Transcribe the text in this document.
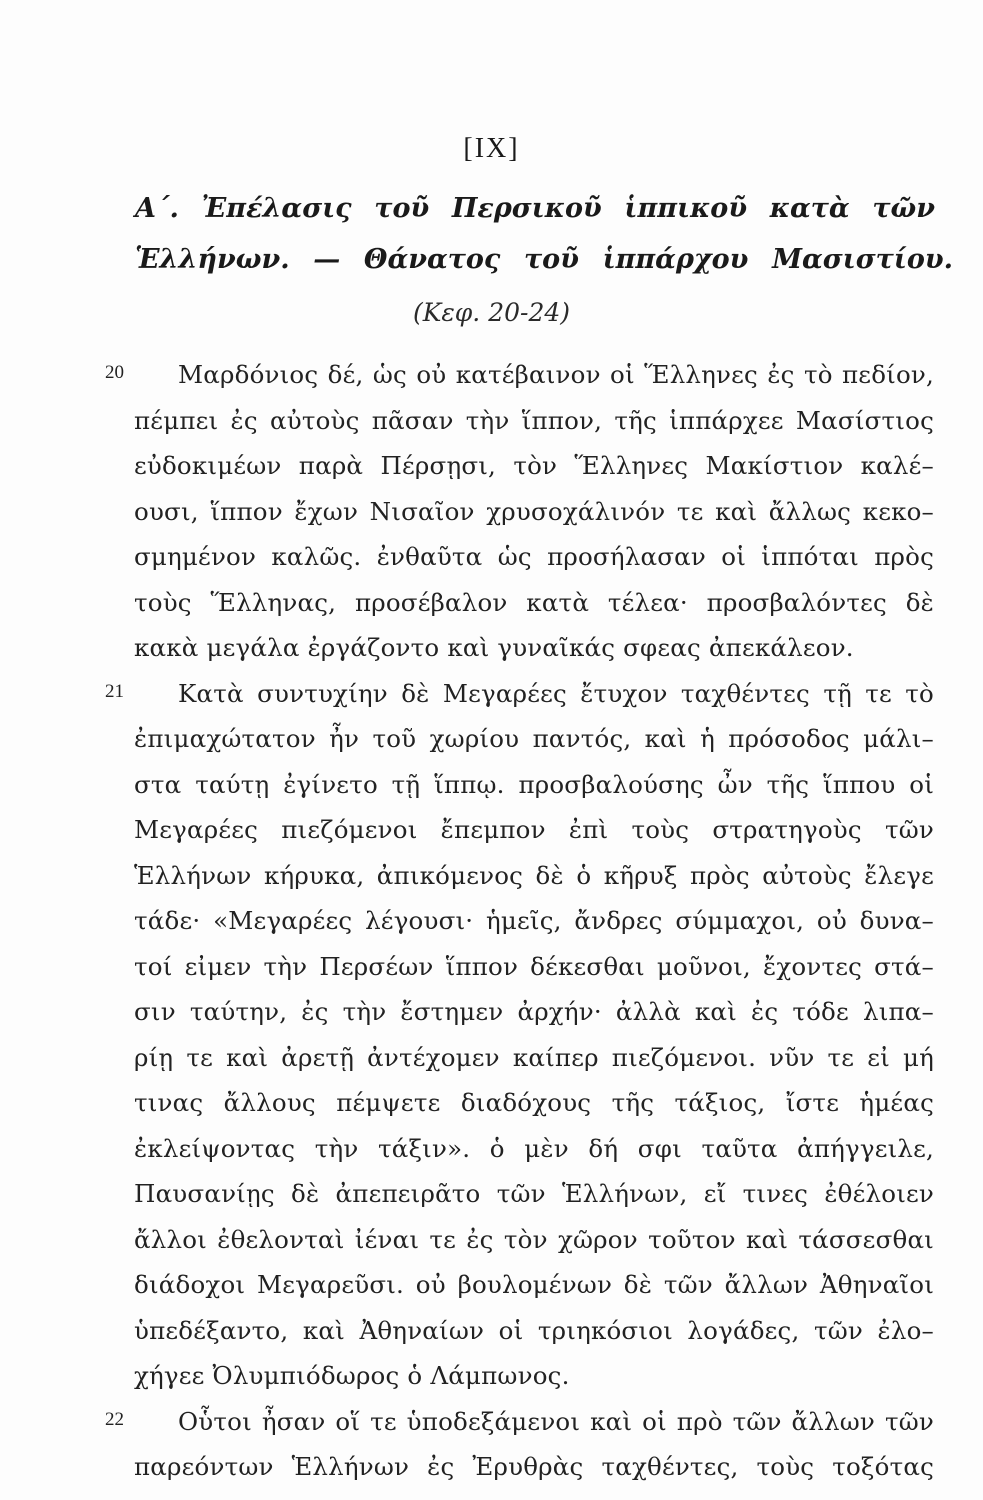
[IX]
Α΄. Ἐπέλασις τοῦ Περσικοῦ ἱππικοῦ κατὰ τῶν
Ἑλλήνων. — Θάνατος τοῦ ἱππάρχου Μασιστίου.
(Κεφ. 20-24)
20
21
22
Μαρδόνιος δέ, ὡς οὐ κατέβαινον οἱ Ἕλληνες ἐς τὸ πεδίον,
πέμπει ἐς αὐτοὺς πᾶσαν τὴν ἵππον, τῆς ἱππάρχεε Μασίστιος
εὐδοκιμέων παρὰ Πέρσῃσι, τὸν Ἕλληνες Μακίστιον καλέ–
ουσι, ἵππον ἔχων Νισαῖον χρυσοχάλινόν τε καὶ ἄλλως κεκο–
σμημένον καλῶς. ἐνθαῦτα ὡς προσήλασαν οἱ ἱππόται πρὸς
τοὺς Ἕλληνας, προσέβαλον κατὰ τέλεα· προσβαλόντες δὲ
κακὰ μεγάλα ἐργάζοντο καὶ γυναῖκάς σφεας ἀπεκάλεον.
Κατὰ συντυχίην δὲ Μεγαρέες ἔτυχον ταχθέντες τῇ τε τὸ
ἐπιμαχώτατον ἦν τοῦ χωρίου παντός, καὶ ἡ πρόσοδος μάλι–
στα ταύτῃ ἐγίνετο τῇ ἵππῳ. προσβαλούσης ὦν τῆς ἵππου οἱ
Μεγαρέες πιεζόμενοι ἔπεμπον ἐπὶ τοὺς στρατηγοὺς τῶν
Ἑλλήνων κήρυκα, ἀπικόμενος δὲ ὁ κῆρυξ πρὸς αὐτοὺς ἔλεγε
τάδε· «Μεγαρέες λέγουσι· ἡμεῖς, ἄνδρες σύμμαχοι, οὐ δυνα–
τοί εἰμεν τὴν Περσέων ἵππον δέκεσθαι μοῦνοι, ἔχοντες στά–
σιν ταύτην, ἐς τὴν ἔστημεν ἀρχήν· ἀλλὰ καὶ ἐς τόδε λιπα–
ρίῃ τε καὶ ἀρετῇ ἀντέχομεν καίπερ πιεζόμενοι. νῦν τε εἰ μή
τινας ἄλλους πέμψετε διαδόχους τῆς τάξιος, ἴστε ἡμέας
ἐκλείψοντας τὴν τάξιν». ὁ μὲν δή σφι ταῦτα ἀπήγγειλε,
Παυσανίῃς δὲ ἀπεπειρᾶτο τῶν Ἑλλήνων, εἴ τινες ἐθέλοιεν
ἄλλοι ἐθελονταὶ ἰέναι τε ἐς τὸν χῶρον τοῦτον καὶ τάσσεσθαι
διάδοχοι Μεγαρεῦσι. οὐ βουλομένων δὲ τῶν ἄλλων Ἀθηναῖοι
ὑπεδέξαντο, καὶ Ἀθηναίων οἱ τριηκόσιοι λογάδες, τῶν ἐλο–
χήγεε Ὀλυμπιόδωρος ὁ Λάμπωνος.
Οὗτοι ἦσαν οἵ τε ὑποδεξάμενοι καὶ οἱ πρὸ τῶν ἄλλων τῶν
παρεόντων Ἑλλήνων ἐς Ἐρυθρὰς ταχθέντες, τοὺς τοξότας
